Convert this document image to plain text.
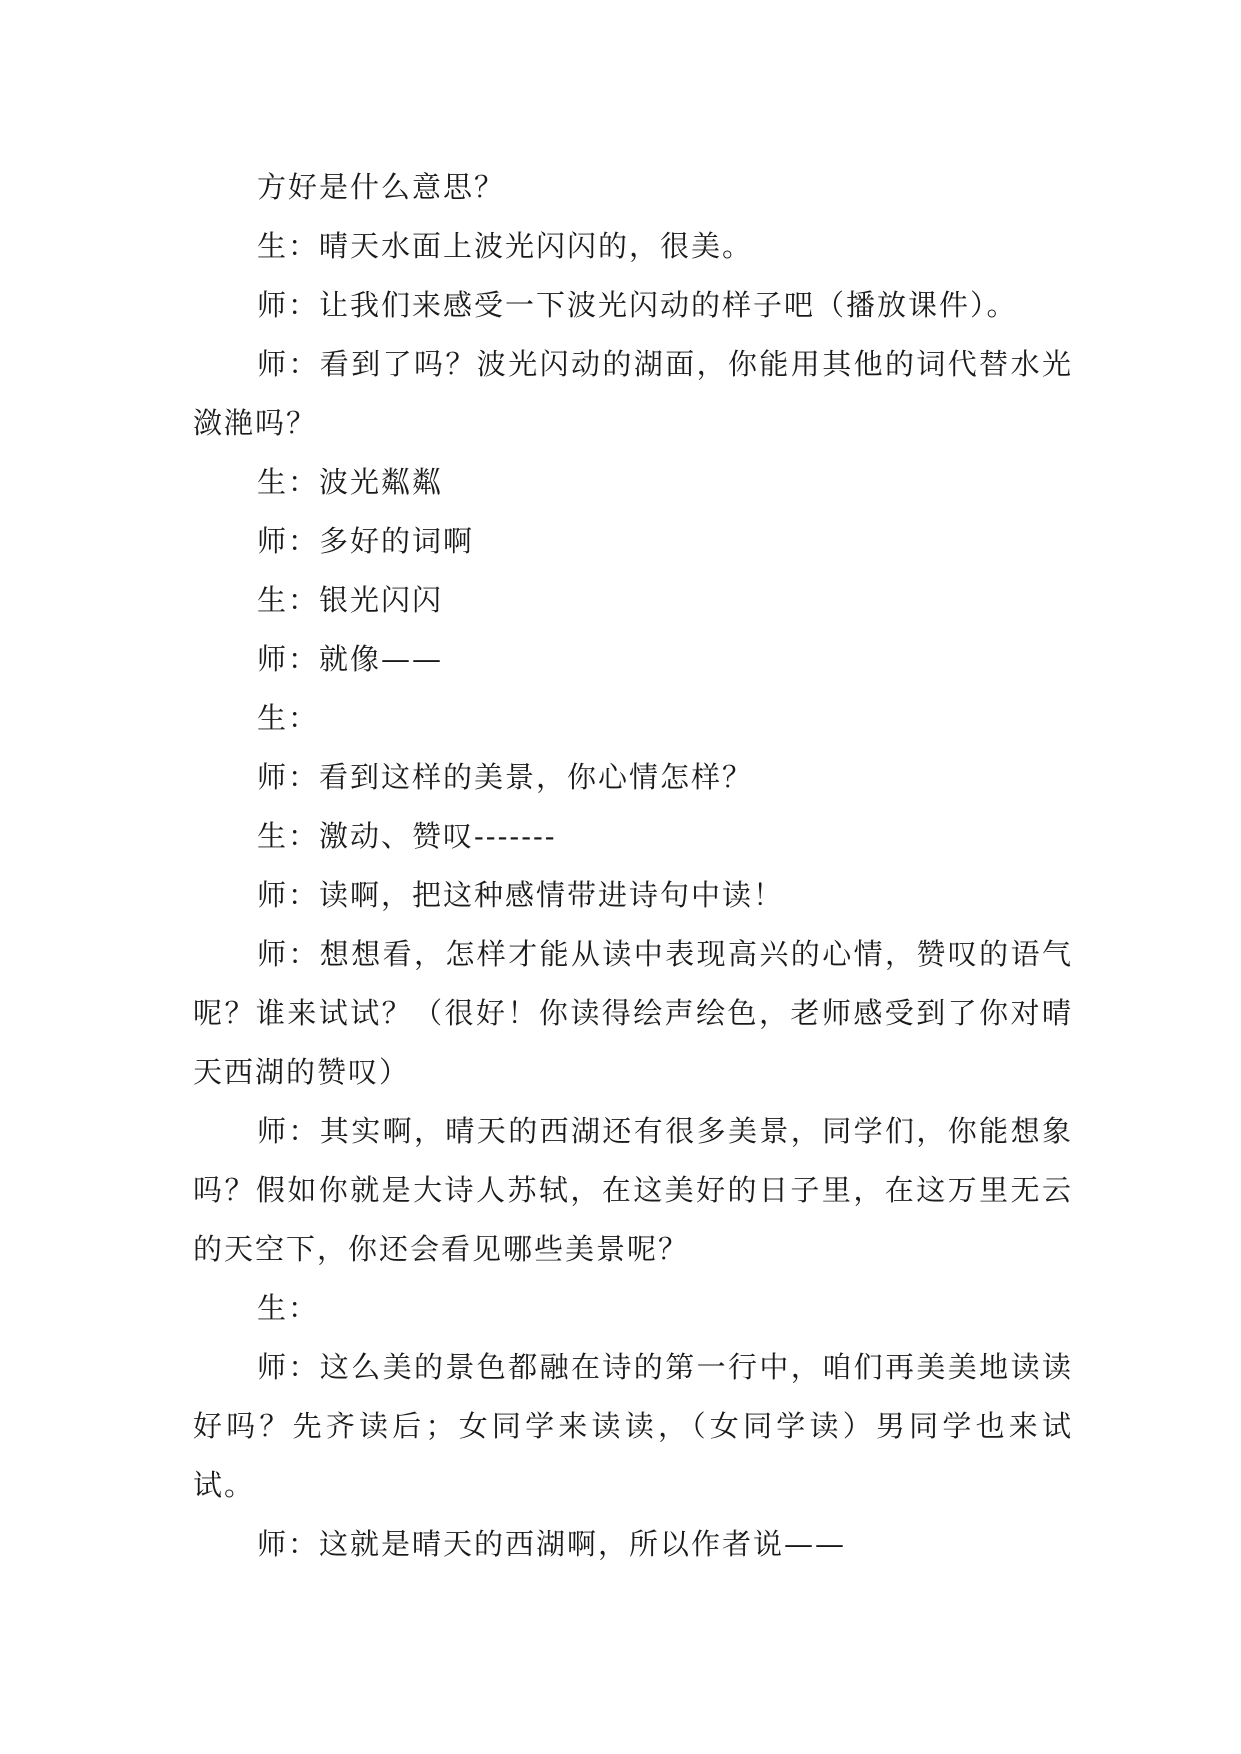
方好是什么意思？

生：晴天水面上波光闪闪的，很美。

师：让我们来感受一下波光闪动的样子吧（播放课件）。

师：看到了吗？波光闪动的湖面，你能用其他的词代替水光潋滟吗？

生：波光粼粼

师：多好的词啊

生：银光闪闪

师：就像——

生：

师：看到这样的美景，你心情怎样？

生：激动、赞叹-------

师：读啊，把这种感情带进诗句中读！

师：想想看，怎样才能从读中表现高兴的心情，赞叹的语气呢？谁来试试？（很好！你读得绘声绘色，老师感受到了你对晴天西湖的赞叹）

师：其实啊，晴天的西湖还有很多美景，同学们，你能想象吗？假如你就是大诗人苏轼，在这美好的日子里，在这万里无云的天空下，你还会看见哪些美景呢？

生：

师：这么美的景色都融在诗的第一行中，咱们再美美地读读好吗？先齐读后；女同学来读读，（女同学读）男同学也来试试。

师：这就是晴天的西湖啊，所以作者说——
